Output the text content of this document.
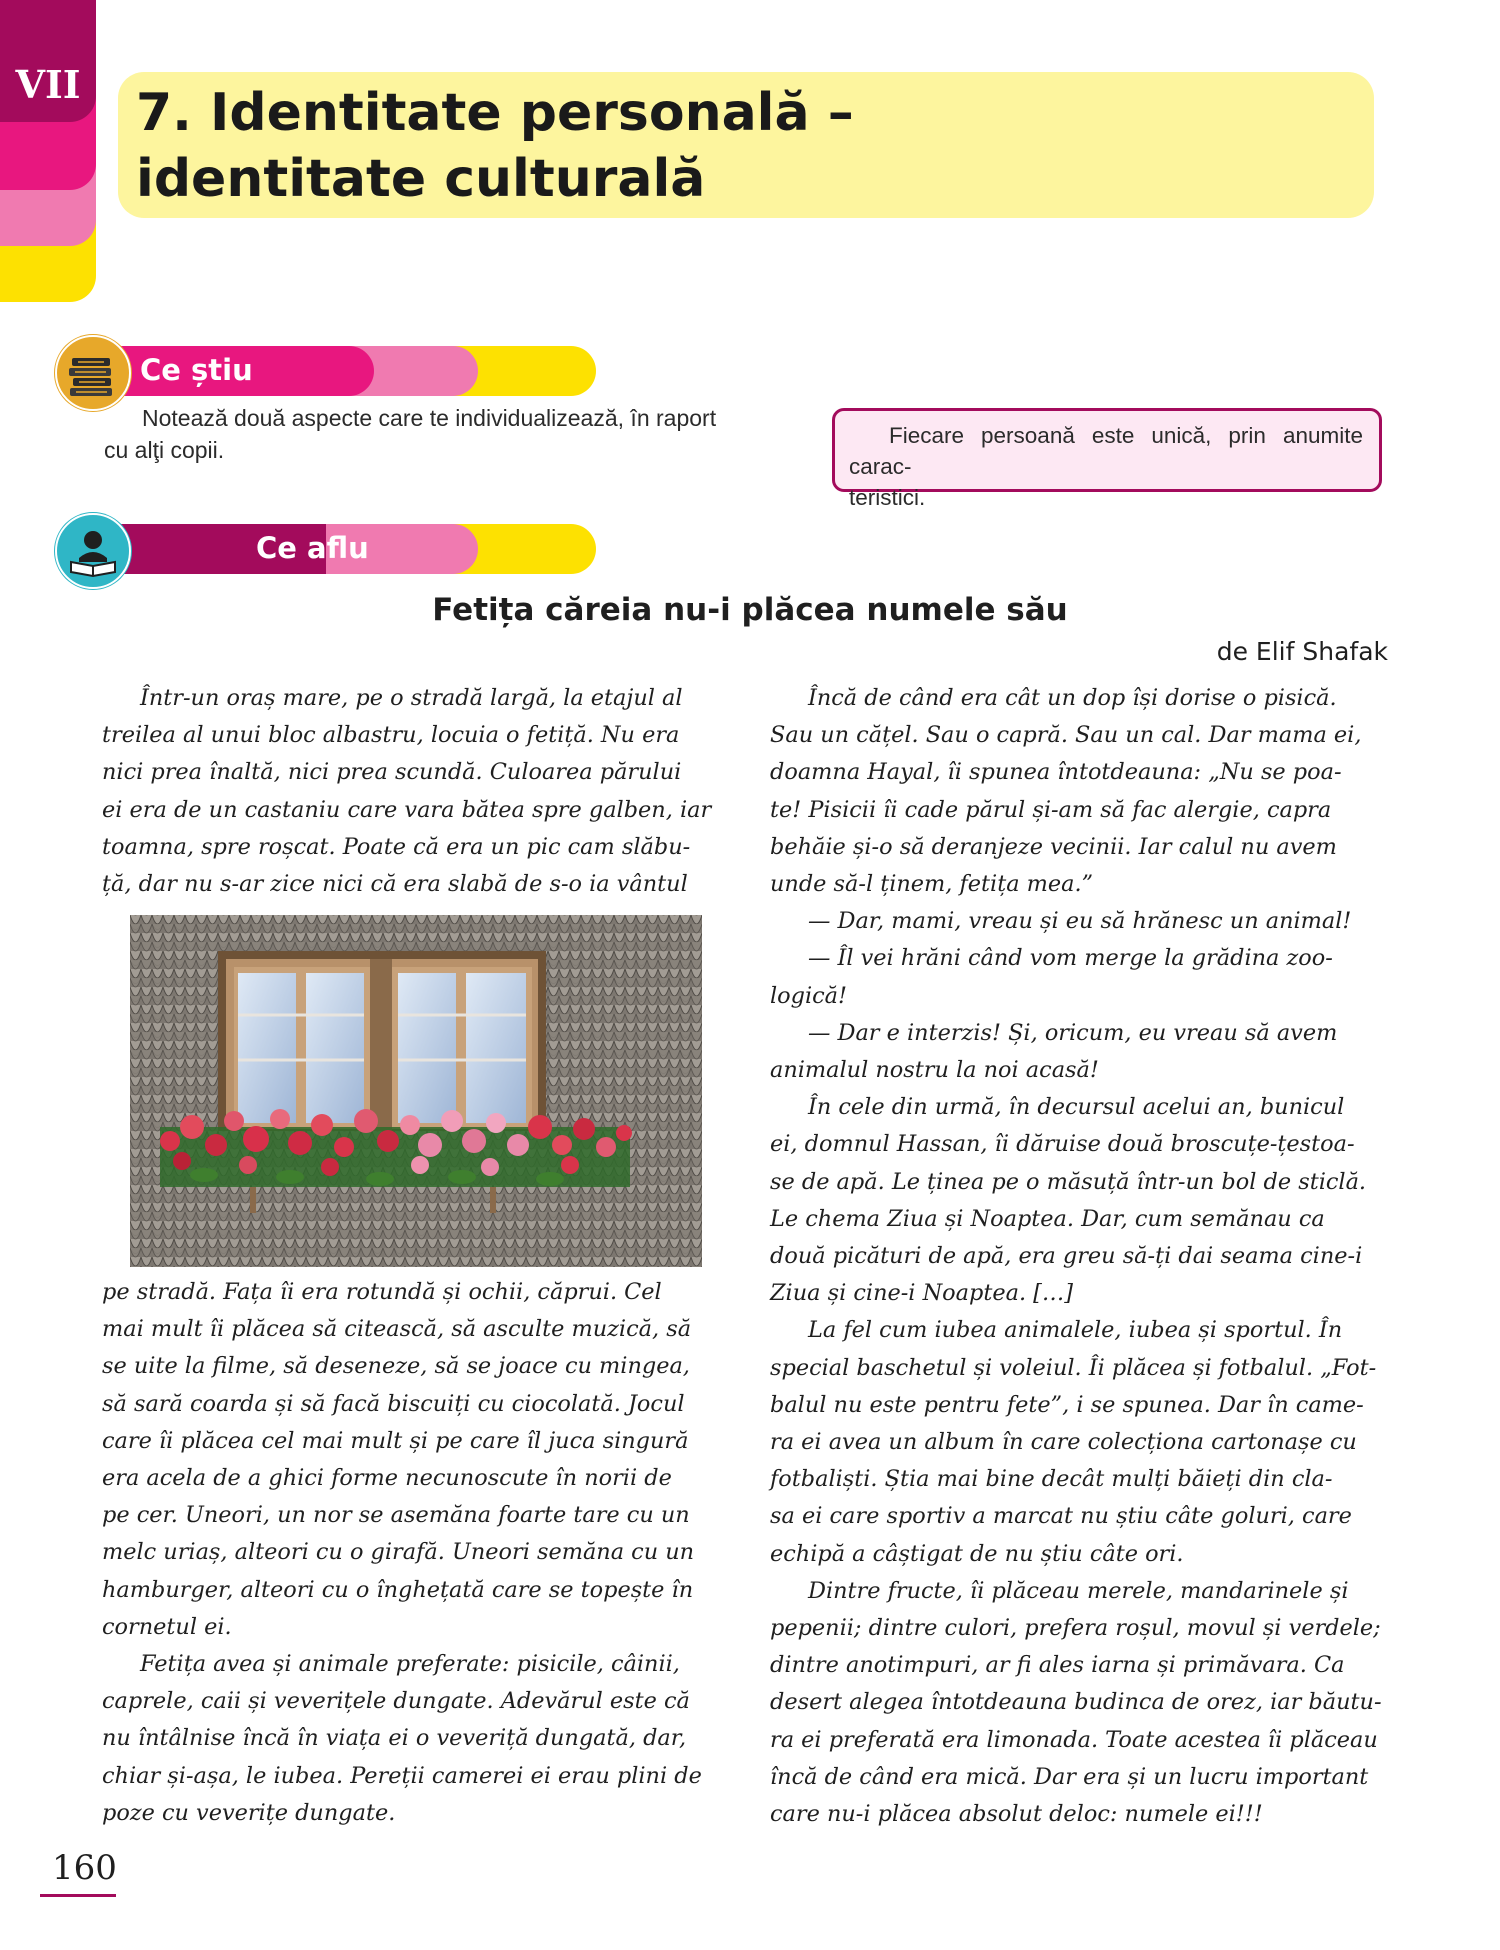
VII 7. Identitate personală –
identitate culturală
Ce știu
Notează două aspecte care te individualizează, în raport
cu alţi copii.
Fiecare persoană este unică, prin anumite carac-
teristici.
Ce aflu
Fetița căreia nu-i plăcea numele său
de Elif Shafak

Într-un oraș mare, pe o stradă largă, la etajul al
treilea al unui bloc albastru, locuia o fetiță. Nu era
nici prea înaltă, nici prea scundă. Culoarea părului
ei era de un castaniu care vara bătea spre galben, iar
toamna, spre roșcat. Poate că era un pic cam slăbu-
ță, dar nu s-ar zice nici că era slabă de s-o ia vântul

pe stradă. Fața îi era rotundă și ochii, căprui. Cel
mai mult îi plăcea să citească, să asculte muzică, să
se uite la filme, să deseneze, să se joace cu mingea,
să sară coarda și să facă biscuiți cu ciocolată. Jocul
care îi plăcea cel mai mult și pe care îl juca singură
era acela de a ghici forme necunoscute în norii de
pe cer. Uneori, un nor se asemăna foarte tare cu un
melc uriaș, alteori cu o girafă. Uneori semăna cu un
hamburger, alteori cu o înghețată care se topește în
cornetul ei.

Fetița avea și animale preferate: pisicile, câinii,
caprele, caii și veverițele dungate. Adevărul este că
nu întâlnise încă în viața ei o veveriță dungată, dar,
chiar și-așa, le iubea. Pereții camerei ei erau plini de
poze cu veverițe dungate.

Încă de când era cât un dop își dorise o pisică.
Sau un cățel. Sau o capră. Sau un cal. Dar mama ei,
doamna Hayal, îi spunea întotdeauna: „Nu se poa-
te! Pisicii îi cade părul și-am să fac alergie, capra
behăie și-o să deranjeze vecinii. Iar calul nu avem
unde să-l ținem, fetița mea.”

— Dar, mami, vreau și eu să hrănesc un animal!

— Îl vei hrăni când vom merge la grădina zoo-
logică!

— Dar e interzis! Și, oricum, eu vreau să avem
animalul nostru la noi acasă!

În cele din urmă, în decursul acelui an, bunicul
ei, domnul Hassan, îi dăruise două broscuțe-țestoa-
se de apă. Le ținea pe o măsuță într-un bol de sticlă.
Le chema Ziua și Noaptea. Dar, cum semănau ca
două picături de apă, era greu să-ți dai seama cine-i
Ziua și cine-i Noaptea. […]

La fel cum iubea animalele, iubea și sportul. În
special baschetul și voleiul. Îi plăcea și fotbalul. „Fot-
balul nu este pentru fete”, i se spunea. Dar în came-
ra ei avea un album în care colecționa cartonașe cu
fotbaliști. Știa mai bine decât mulți băieți din cla-
sa ei care sportiv a marcat nu știu câte goluri, care
echipă a câștigat de nu știu câte ori.

Dintre fructe, îi plăceau merele, mandarinele și
pepenii; dintre culori, prefera roșul, movul și verdele;
dintre anotimpuri, ar fi ales iarna și primăvara. Ca
desert alegea întotdeauna budinca de orez, iar băutu-
ra ei preferată era limonada. Toate acestea îi plăceau
încă de când era mică. Dar era și un lucru important
care nu-i plăcea absolut deloc: numele ei!!!

160
